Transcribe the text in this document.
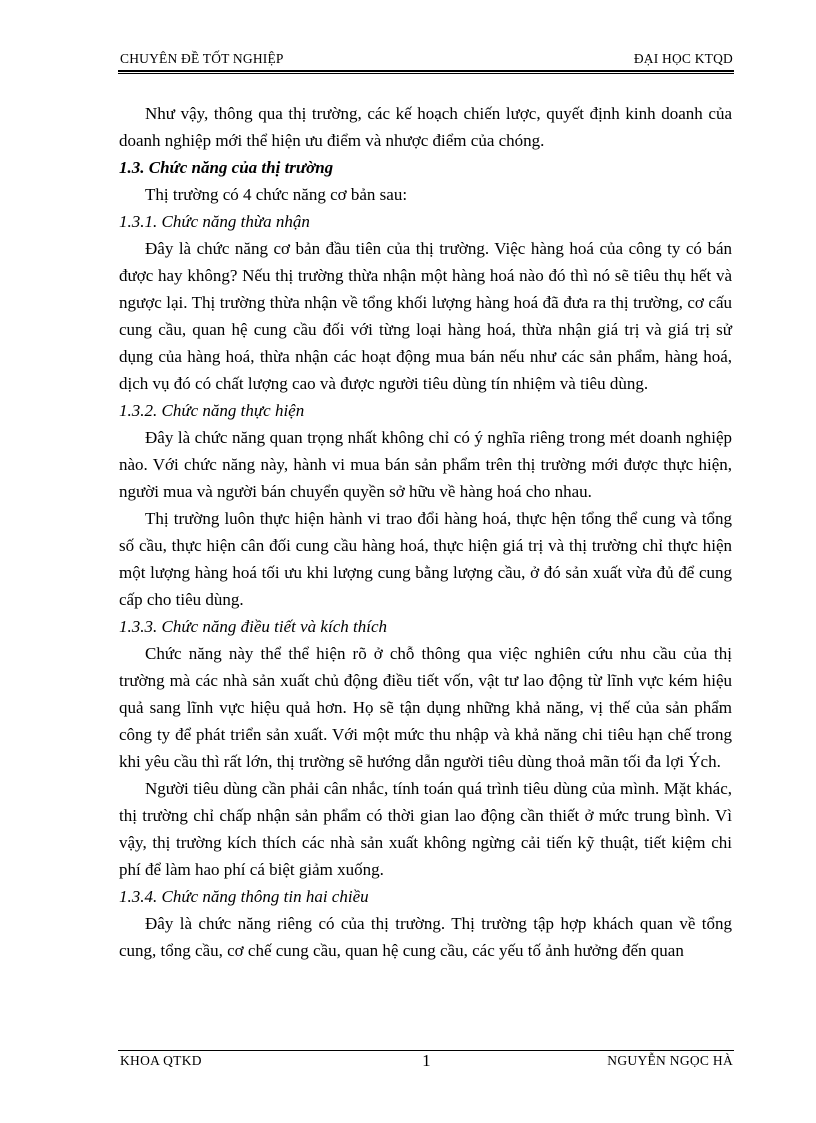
CHUYÊN ĐỀ TỐT NGHIỆP	ĐẠI HỌC KTQD

Như vậy, thông qua thị trường, các kế hoạch chiến lược, quyết định kinh doanh của doanh nghiệp mới thể hiện ưu điểm và nhược điểm của chóng.

1.3. Chức năng của thị trường

Thị trường có 4 chức năng cơ bản sau:

1.3.1. Chức năng thừa nhận

Đây là chức năng cơ bản đầu tiên của thị trường. Việc hàng hoá của công ty có bán được hay không? Nếu thị trường thừa nhận một hàng hoá nào đó thì nó sẽ tiêu thụ hết và ngược lại. Thị trường thừa nhận về tổng khối lượng hàng hoá đã đưa ra thị trường, cơ cấu cung cầu, quan hệ cung cầu đối với từng loại hàng hoá, thừa nhận giá trị và giá trị sử dụng của hàng hoá, thừa nhận các hoạt động mua bán nếu như các sản phẩm, hàng hoá, dịch vụ đó có chất lượng cao và được người tiêu dùng tín nhiệm và tiêu dùng.

1.3.2. Chức năng thực hiện

Đây là chức năng quan trọng nhất không chỉ có ý nghĩa riêng trong mét doanh nghiệp nào. Với chức năng này, hành vi mua bán sản phẩm trên thị trường mới được thực hiện, người mua và người bán chuyển quyền sở hữu về hàng hoá cho nhau.

Thị trường luôn thực hiện hành vi trao đổi hàng hoá, thực hện tổng thể cung và tổng số cầu, thực hiện cân đối cung cầu hàng hoá, thực hiện giá trị và thị trường chỉ thực hiện một lượng hàng hoá tối ưu khi lượng cung bằng lượng cầu, ở đó sản xuất vừa đủ để cung cấp cho tiêu dùng.

1.3.3. Chức năng điều tiết và kích thích

Chức năng này thể thể hiện rõ ở chỗ thông qua việc nghiên cứu nhu cầu của thị trường mà các nhà sản xuất chủ động điều tiết vốn, vật tư lao động từ lĩnh vực kém hiệu quả sang lĩnh vực hiệu quả hơn. Họ sẽ tận dụng những khả năng, vị thế của sản phẩm công ty để phát triển sản xuất. Với một mức thu nhập và khả năng chi tiêu hạn chế trong khi yêu cầu thì rất lớn, thị trường sẽ hướng dẫn người tiêu dùng thoả mãn tối đa lợi Ých.

Người tiêu dùng cần phải cân nhắc, tính toán quá trình tiêu dùng của mình. Mặt khác, thị trường chỉ chấp nhận sản phẩm có thời gian lao động cần thiết ở mức trung bình. Vì vậy, thị trường kích thích các nhà sản xuất không ngừng cải tiến kỹ thuật, tiết kiệm chi phí để làm hao phí cá biệt giảm xuống.

1.3.4. Chức năng thông tin hai chiều

Đây là chức năng riêng có của thị trường. Thị trường tập hợp khách quan về tổng cung, tổng cầu, cơ chế cung cầu, quan hệ cung cầu, các yếu tố ảnh hưởng đến quan

KHOA QTKD	1	NGUYỄN NGỌC HÀ
